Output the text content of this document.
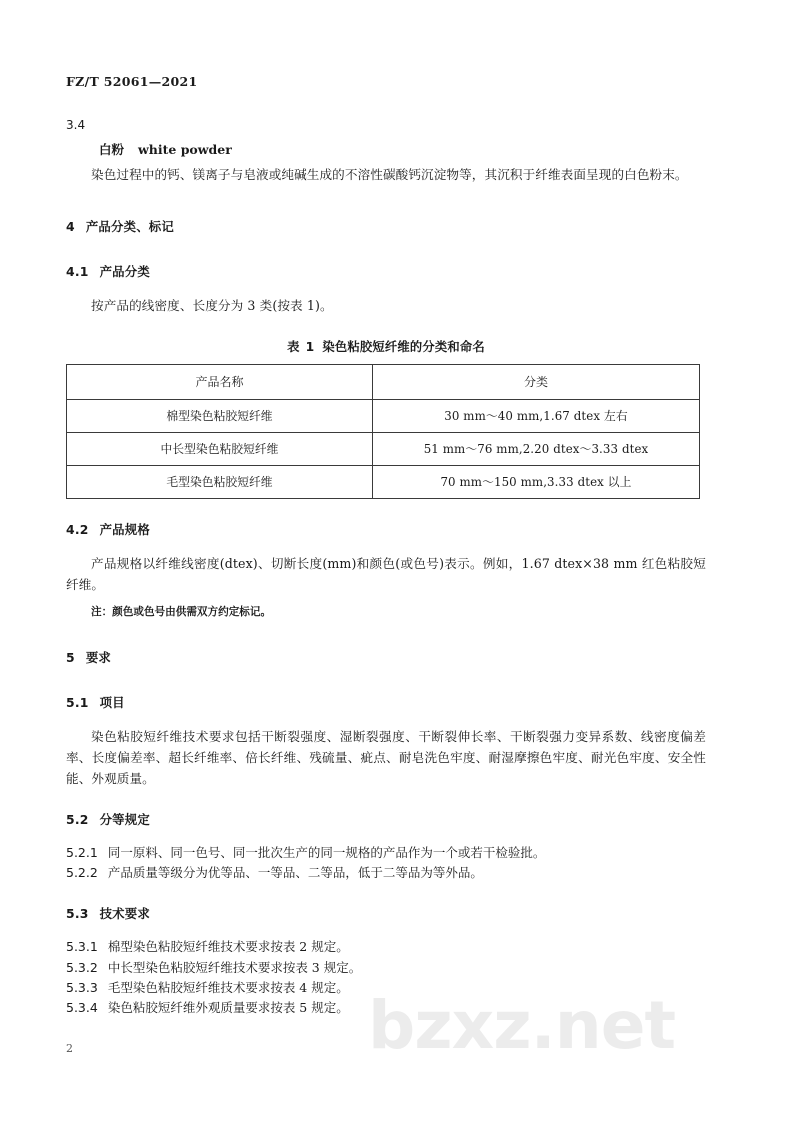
bzxz.net
FZ/T 52061—2021
3.4
白粉 white powder

染色过程中的钙、镁离子与皂液或纯碱生成的不溶性碳酸钙沉淀物等，其沉积于纤维表面呈现的白色粉末。

4 产品分类、标记
4.1 产品分类

按产品的线密度、长度分为 3 类(按表 1)。

表 1 染色粘胶短纤维的分类和命名

产品名称	分类
棉型染色粘胶短纤维	30 mm～40 mm,1.67 dtex 左右
中长型染色粘胶短纤维	51 mm～76 mm,2.20 dtex～3.33 dtex
毛型染色粘胶短纤维	70 mm～150 mm,3.33 dtex 以上
4.2 产品规格

产品规格以纤维线密度(dtex)、切断长度(mm)和颜色(或色号)表示。例如，1.67 dtex×38 mm 红色粘胶短纤维。

注：颜色或色号由供需双方约定标记。

5 要求
5.1 项目

染色粘胶短纤维技术要求包括干断裂强度、湿断裂强度、干断裂伸长率、干断裂强力变异系数、线密度偏差率、长度偏差率、超长纤维率、倍长纤维、残硫量、疵点、耐皂洗色牢度、耐湿摩擦色牢度、耐光色牢度、安全性能、外观质量。

5.2 分等规定

5.2.1 同一原料、同一色号、同一批次生产的同一规格的产品作为一个或若干检验批。

5.2.2 产品质量等级分为优等品、一等品、二等品，低于二等品为等外品。

5.3 技术要求

5.3.1 棉型染色粘胶短纤维技术要求按表 2 规定。

5.3.2 中长型染色粘胶短纤维技术要求按表 3 规定。

5.3.3 毛型染色粘胶短纤维技术要求按表 4 规定。

5.3.4 染色粘胶短纤维外观质量要求按表 5 规定。

2
